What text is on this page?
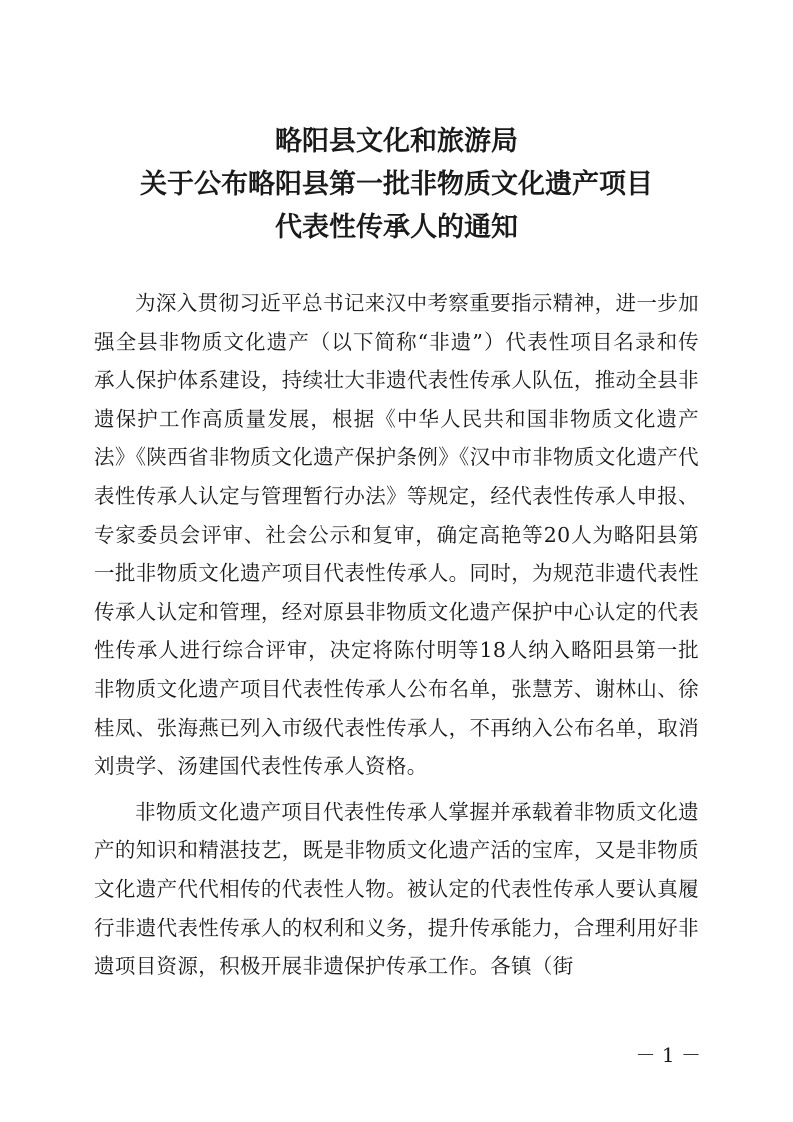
略阳县文化和旅游局
关于公布略阳县第一批非物质文化遗产项目
代表性传承人的通知

为深入贯彻习近平总书记来汉中考察重要指示精神，进一步加强全县非物质文化遗产（以下简称“非遗”）代表性项目名录和传承人保护体系建设，持续壮大非遗代表性传承人队伍，推动全县非遗保护工作高质量发展，根据《中华人民共和国非物质文化遗产法》《陕西省非物质文化遗产保护条例》《汉中市非物质文化遗产代表性传承人认定与管理暂行办法》等规定，经代表性传承人申报、专家委员会评审、社会公示和复审，确定高艳等20人为略阳县第一批非物质文化遗产项目代表性传承人。同时，为规范非遗代表性传承人认定和管理，经对原县非物质文化遗产保护中心认定的代表性传承人进行综合评审，决定将陈付明等18人纳入略阳县第一批非物质文化遗产项目代表性传承人公布名单，张慧芳、谢林山、徐桂凤、张海燕已列入市级代表性传承人，不再纳入公布名单，取消刘贵学、汤建国代表性传承人资格。

非物质文化遗产项目代表性传承人掌握并承载着非物质文化遗产的知识和精湛技艺，既是非物质文化遗产活的宝库，又是非物质文化遗产代代相传的代表性人物。被认定的代表性传承人要认真履行非遗代表性传承人的权利和义务，提升传承能力，合理利用好非遗项目资源，积极开展非遗保护传承工作。各镇（街

－ 1 －
